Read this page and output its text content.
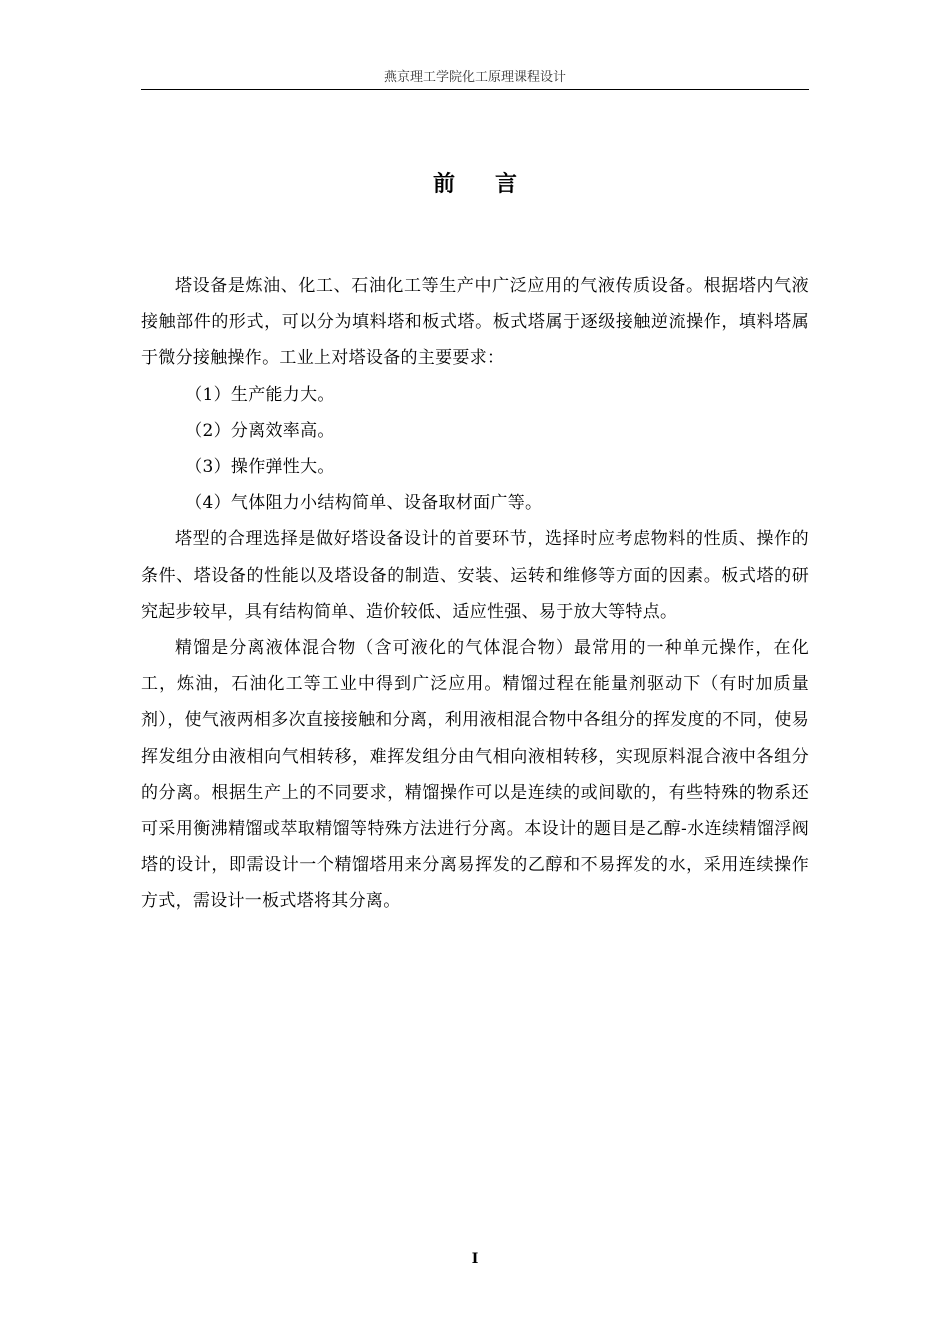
燕京理工学院化工原理课程设计
前言

塔设备是炼油、化工、石油化工等生产中广泛应用的气液传质设备。根据塔内气液接触部件的形式，可以分为填料塔和板式塔。板式塔属于逐级接触逆流操作，填料塔属于微分接触操作。工业上对塔设备的主要要求：

（1）生产能力大。

（2）分离效率高。

（3）操作弹性大。

（4）气体阻力小结构简单、设备取材面广等。

塔型的合理选择是做好塔设备设计的首要环节，选择时应考虑物料的性质、操作的条件、塔设备的性能以及塔设备的制造、安装、运转和维修等方面的因素。板式塔的研究起步较早，具有结构简单、造价较低、适应性强、易于放大等特点。

精馏是分离液体混合物（含可液化的气体混合物）最常用的一种单元操作，在化工，炼油，石油化工等工业中得到广泛应用。精馏过程在能量剂驱动下（有时加质量剂），使气液两相多次直接接触和分离，利用液相混合物中各组分的挥发度的不同，使易挥发组分由液相向气相转移，难挥发组分由气相向液相转移，实现原料混合液中各组分的分离。根据生产上的不同要求，精馏操作可以是连续的或间歇的，有些特殊的物系还可采用衡沸精馏或萃取精馏等特殊方法进行分离。本设计的题目是乙醇-水连续精馏浮阀塔的设计，即需设计一个精馏塔用来分离易挥发的乙醇和不易挥发的水，采用连续操作方式，需设计一板式塔将其分离。

I
